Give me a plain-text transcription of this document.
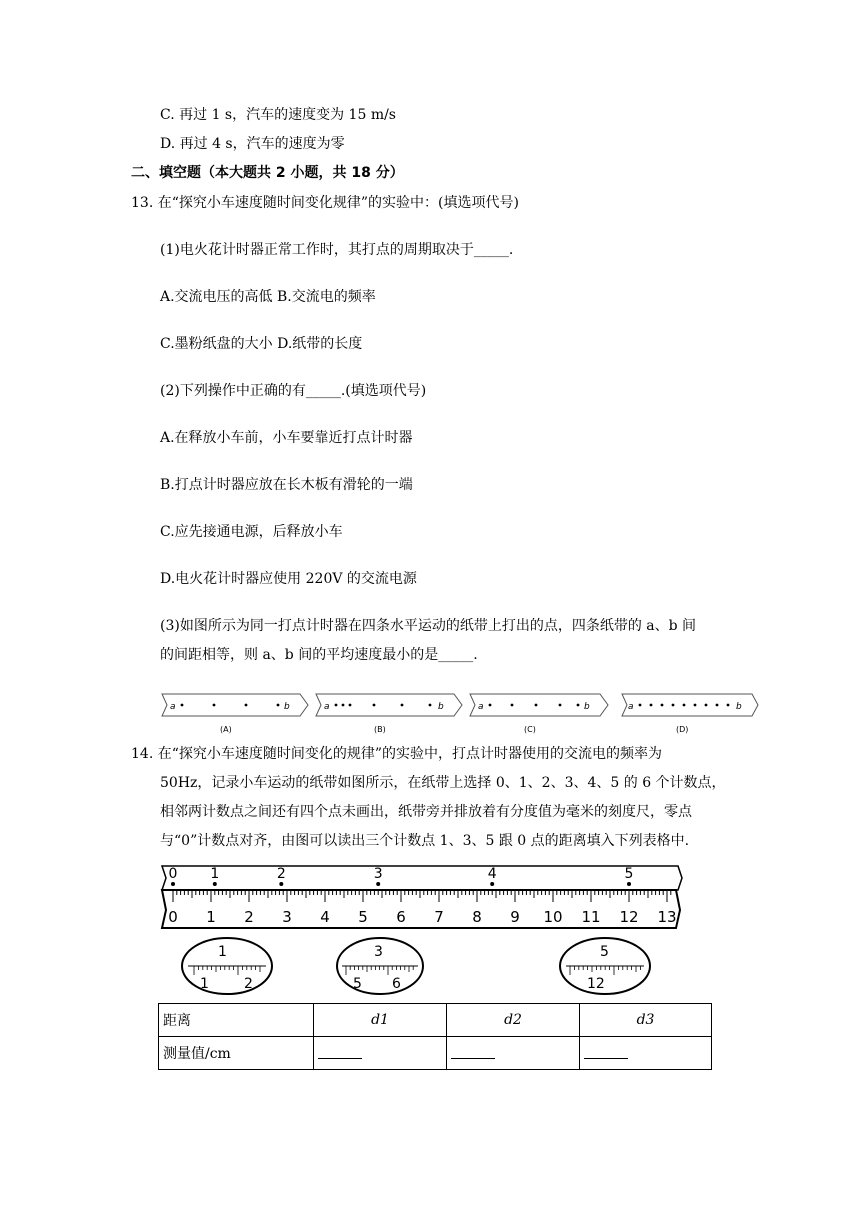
C. 再过 1 s，汽车的速度变为 15 m/s
D. 再过 4 s，汽车的速度为零
二、填空题（本大题共 2 小题，共 18 分）
13. 在“探究小车速度随时间变化规律”的实验中：(填选项代号)
(1)电火花计时器正常工作时，其打点的周期取决于_____.
A.交流电压的高低 B.交流电的频率
C.墨粉纸盘的大小 D.纸带的长度
(2)下列操作中正确的有_____.(填选项代号)
A.在释放小车前，小车要靠近打点计时器
B.打点计时器应放在长木板有滑轮的一端
C.应先接通电源，后释放小车
D.电火花计时器应使用 220V 的交流电源
(3)如图所示为同一打点计时器在四条水平运动的纸带上打出的点，四条纸带的 a、b 间
的间距相等，则 a、b 间的平均速度最小的是_____.
a	b
(A)
a	b
(B)
a	b
(C)
a	b
(D)
14. 在“探究小车速度随时间变化的规律”的实验中，打点计时器使用的交流电的频率为
50Hz，记录小车运动的纸带如图所示，在纸带上选择 0、1、2、3、4、5 的 6 个计数点，
相邻两计数点之间还有四个点未画出，纸带旁并排放着有分度值为毫米的刻度尺，零点
与“0”计数点对齐，由图可以读出三个计数点 1、3、5 跟 0 点的距离填入下列表格中.
0 1 2 3 4 5 6 7 8 9 10 11 12 13
0 1	2	3	4	5
1
1	2
3
5 6
5
12
距离	d1	d2	d3
测量值/cm			
